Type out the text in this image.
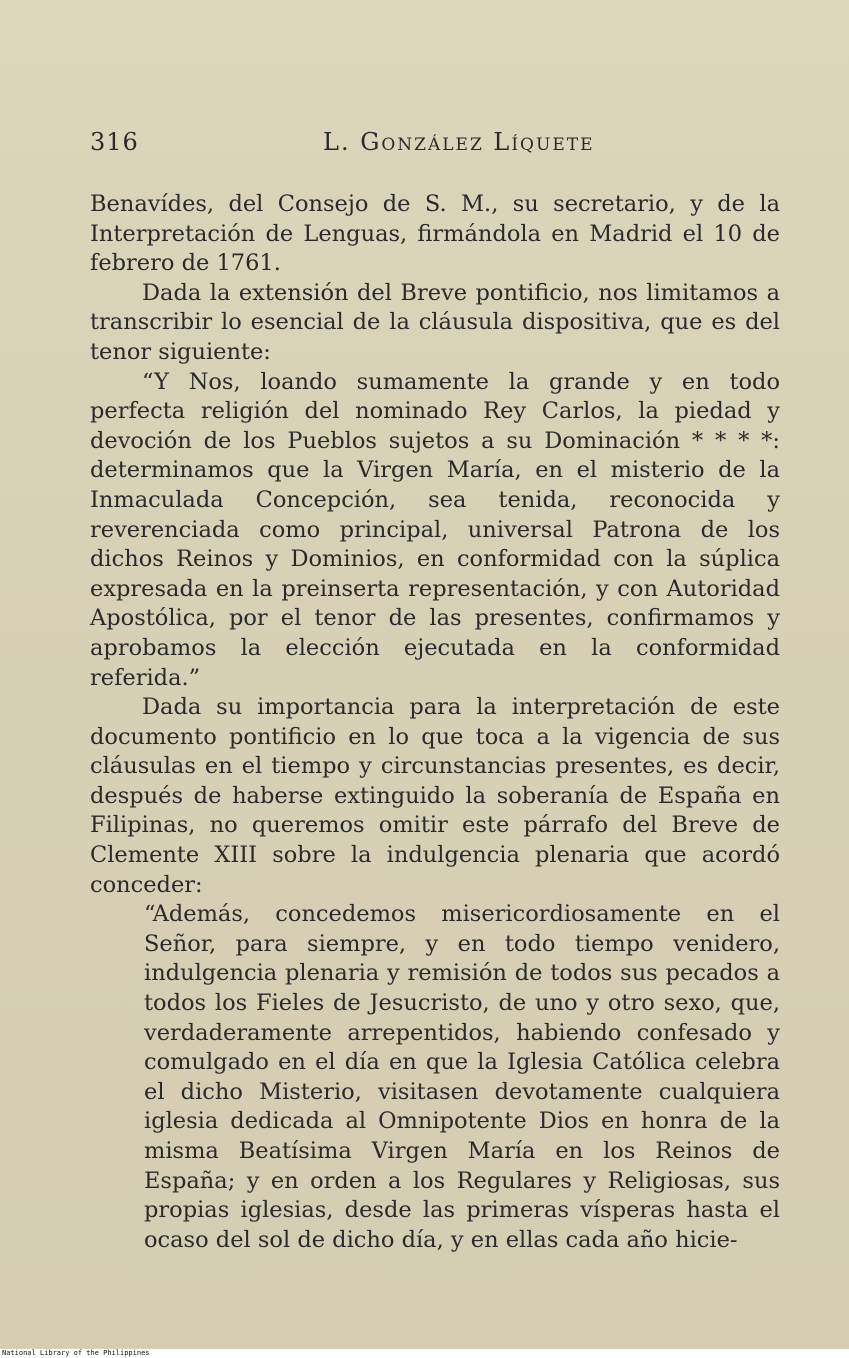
316	L. González Líquete

Benavídes, del Consejo de S. M., su secretario, y de la Interpretación de Lenguas, firmándola en Madrid el 10 de febrero de 1761.

Dada la extensión del Breve pontificio, nos limitamos a transcribir lo esencial de la cláusula dispositiva, que es del tenor siguiente:

“Y Nos, loando sumamente la grande y en todo perfecta religión del nominado Rey Carlos, la piedad y devoción de los Pueblos sujetos a su Dominación * * * *: determinamos que la Virgen María, en el misterio de la Inmaculada Concepción, sea tenida, reconocida y reverenciada como principal, universal Patrona de los dichos Reinos y Dominios, en conformidad con la súplica expresada en la preinserta representación, y con Autoridad Apostólica, por el tenor de las presentes, confirmamos y aprobamos la elección ejecutada en la conformidad referida.”

Dada su importancia para la interpretación de este documento pontificio en lo que toca a la vigencia de sus cláusulas en el tiempo y circunstancias presentes, es decir, después de haberse extinguido la soberanía de España en Filipinas, no queremos omitir este párrafo del Breve de Clemente XIII sobre la indulgencia plenaria que acordó conceder:

“Además, concedemos misericordiosamente en el Señor, para siempre, y en todo tiempo venidero, indulgencia plenaria y remisión de todos sus pecados a todos los Fieles de Jesucristo, de uno y otro sexo, que, verdaderamente arrepentidos, habiendo confesado y comulgado en el día en que la Iglesia Católica celebra el dicho Misterio, visitasen devotamente cualquiera iglesia dedicada al Omnipotente Dios en honra de la misma Beatísima Virgen María en los Reinos de España; y en orden a los Regulares y Religiosas, sus propias iglesias, desde las primeras vísperas hasta el ocaso del sol de dicho día, y en ellas cada año hicie-

National Library of the Philippines
